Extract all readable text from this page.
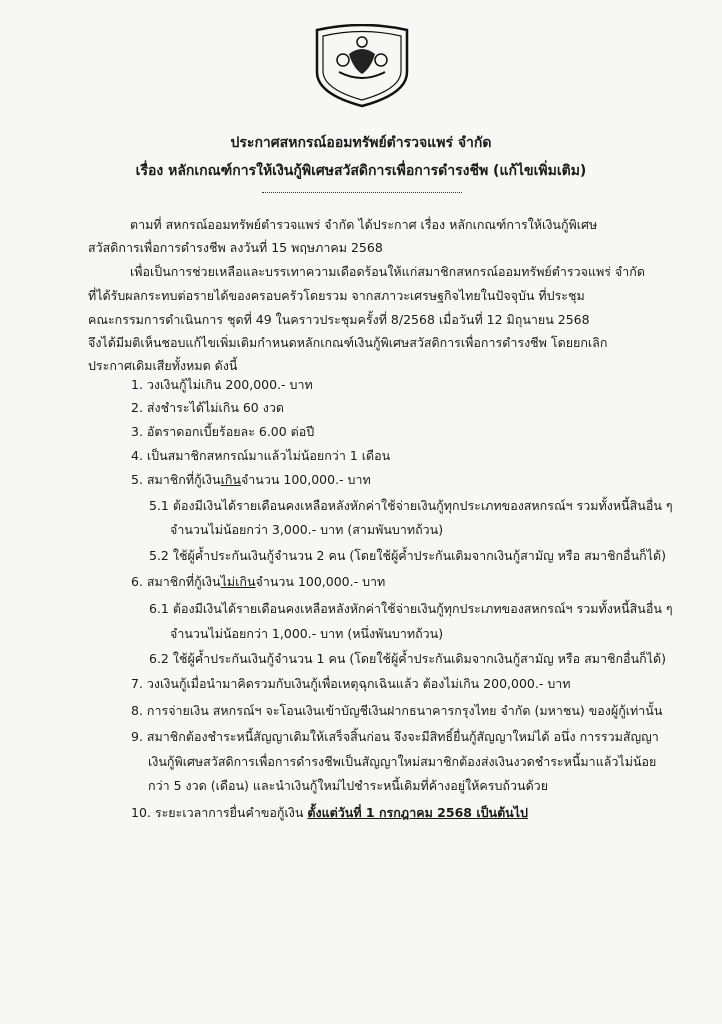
ประกาศสหกรณ์ออมทรัพย์ตำรวจแพร่ จำกัด
เรื่อง หลักเกณฑ์การให้เงินกู้พิเศษสวัสดิการเพื่อการดำรงชีพ (แก้ไขเพิ่มเติม)
ตามที่ สหกรณ์ออมทรัพย์ตำรวจแพร่ จำกัด ได้ประกาศ เรื่อง หลักเกณฑ์การให้เงินกู้พิเศษ
สวัสดิการเพื่อการดำรงชีพ ลงวันที่ 15 พฤษภาคม 2568
เพื่อเป็นการช่วยเหลือและบรรเทาความเดือดร้อนให้แก่สมาชิกสหกรณ์ออมทรัพย์ตำรวจแพร่ จำกัด
ที่ได้รับผลกระทบต่อรายได้ของครอบครัวโดยรวม จากสภาวะเศรษฐกิจไทยในปัจจุบัน ที่ประชุม
คณะกรรมการดำเนินการ ชุดที่ 49 ในคราวประชุมครั้งที่ 8/2568 เมื่อวันที่ 12 มิถุนายน 2568
จึงได้มีมติเห็นชอบแก้ไขเพิ่มเติมกำหนดหลักเกณฑ์เงินกู้พิเศษสวัสดิการเพื่อการดำรงชีพ โดยยกเลิก
ประกาศเดิมเสียทั้งหมด ดังนี้
1. วงเงินกู้ไม่เกิน 200,000.- บาท
2. ส่งชำระได้ไม่เกิน 60 งวด
3. อัตราดอกเบี้ยร้อยละ 6.00 ต่อปี
4. เป็นสมาชิกสหกรณ์มาแล้วไม่น้อยกว่า 1 เดือน
5. สมาชิกที่กู้เงินเกินจำนวน 100,000.- บาท
5.1 ต้องมีเงินได้รายเดือนคงเหลือหลังหักค่าใช้จ่ายเงินกู้ทุกประเภทของสหกรณ์ฯ รวมทั้งหนี้สินอื่น ๆ
จำนวนไม่น้อยกว่า 3,000.- บาท (สามพันบาทถ้วน)
5.2 ใช้ผู้ค้ำประกันเงินกู้จำนวน 2 คน (โดยใช้ผู้ค้ำประกันเดิมจากเงินกู้สามัญ หรือ สมาชิกอื่นก็ได้)
6. สมาชิกที่กู้เงินไม่เกินจำนวน 100,000.- บาท
6.1 ต้องมีเงินได้รายเดือนคงเหลือหลังหักค่าใช้จ่ายเงินกู้ทุกประเภทของสหกรณ์ฯ รวมทั้งหนี้สินอื่น ๆ
จำนวนไม่น้อยกว่า 1,000.- บาท (หนึ่งพันบาทถ้วน)
6.2 ใช้ผู้ค้ำประกันเงินกู้จำนวน 1 คน (โดยใช้ผู้ค้ำประกันเดิมจากเงินกู้สามัญ หรือ สมาชิกอื่นก็ได้)
7. วงเงินกู้เมื่อนำมาคิดรวมกับเงินกู้เพื่อเหตุฉุกเฉินแล้ว ต้องไม่เกิน 200,000.- บาท
8. การจ่ายเงิน สหกรณ์ฯ จะโอนเงินเข้าบัญชีเงินฝากธนาคารกรุงไทย จำกัด (มหาชน) ของผู้กู้เท่านั้น
9. สมาชิกต้องชำระหนี้สัญญาเดิมให้เสร็จสิ้นก่อน จึงจะมีสิทธิ์ยื่นกู้สัญญาใหม่ได้ อนึ่ง การรวมสัญญา
เงินกู้พิเศษสวัสดิการเพื่อการดำรงชีพเป็นสัญญาใหม่สมาชิกต้องส่งเงินงวดชำระหนี้มาแล้วไม่น้อย
กว่า 5 งวด (เดือน) และนำเงินกู้ใหม่ไปชำระหนี้เดิมที่ค้างอยู่ให้ครบถ้วนด้วย
10. ระยะเวลาการยื่นคำขอกู้เงิน ตั้งแต่วันที่ 1 กรกฎาคม 2568 เป็นต้นไป
